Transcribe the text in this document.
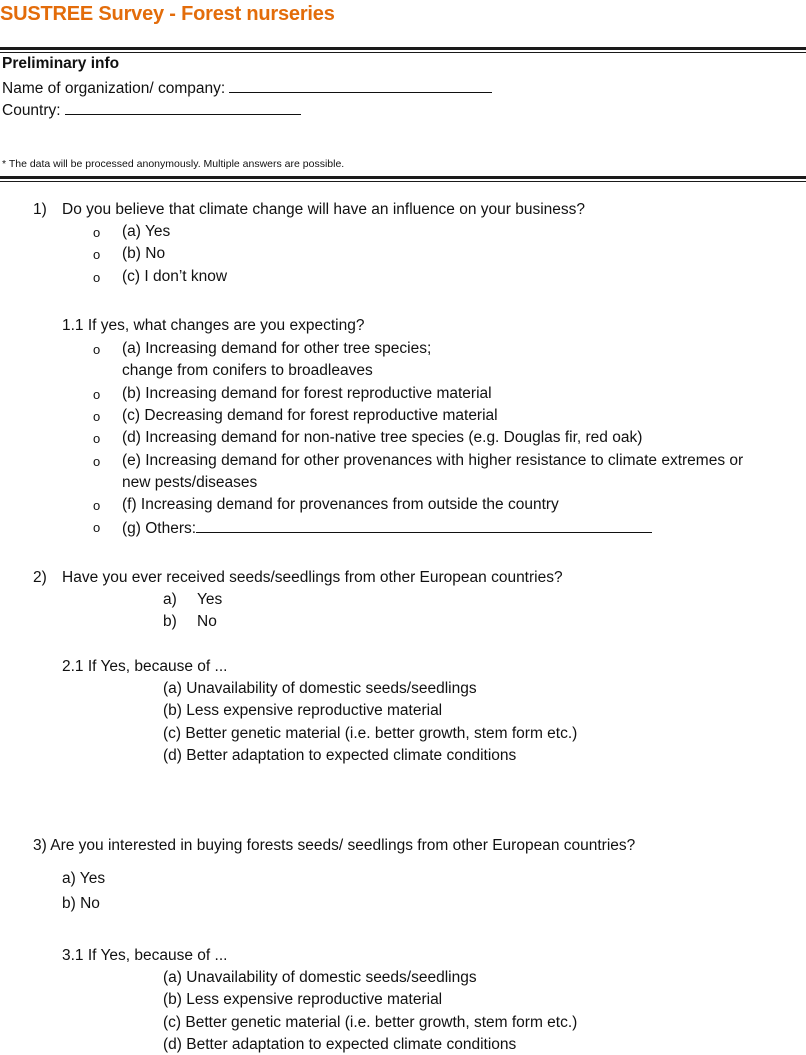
SUSTREE Survey - Forest nurseries
Preliminary info
Name of organization/ company:
Country:
* The data will be processed anonymously. Multiple answers are possible.
1) Do you believe that climate change will have an influence on your business?
o (a) Yes
o (b) No
o (c) I don’t know
1.1 If yes, what changes are you expecting?
o (a) Increasing demand for other tree species;
change from conifers to broadleaves
o (b) Increasing demand for forest reproductive material
o (c) Decreasing demand for forest reproductive material
o (d) Increasing demand for non-native tree species (e.g. Douglas fir, red oak)
o (e) Increasing demand for other provenances with higher resistance to climate extremes or
new pests/diseases
o (f) Increasing demand for provenances from outside the country
o (g) Others:
2) Have you ever received seeds/seedlings from other European countries?
a) Yes
b) No
2.1 If Yes, because of ...
(a) Unavailability of domestic seeds/seedlings
(b) Less expensive reproductive material
(c) Better genetic material (i.e. better growth, stem form etc.)
(d) Better adaptation to expected climate conditions
3) Are you interested in buying forests seeds/ seedlings from other European countries?
a) Yes
b) No
3.1 If Yes, because of ...
(a) Unavailability of domestic seeds/seedlings
(b) Less expensive reproductive material
(c) Better genetic material (i.e. better growth, stem form etc.)
(d) Better adaptation to expected climate conditions
